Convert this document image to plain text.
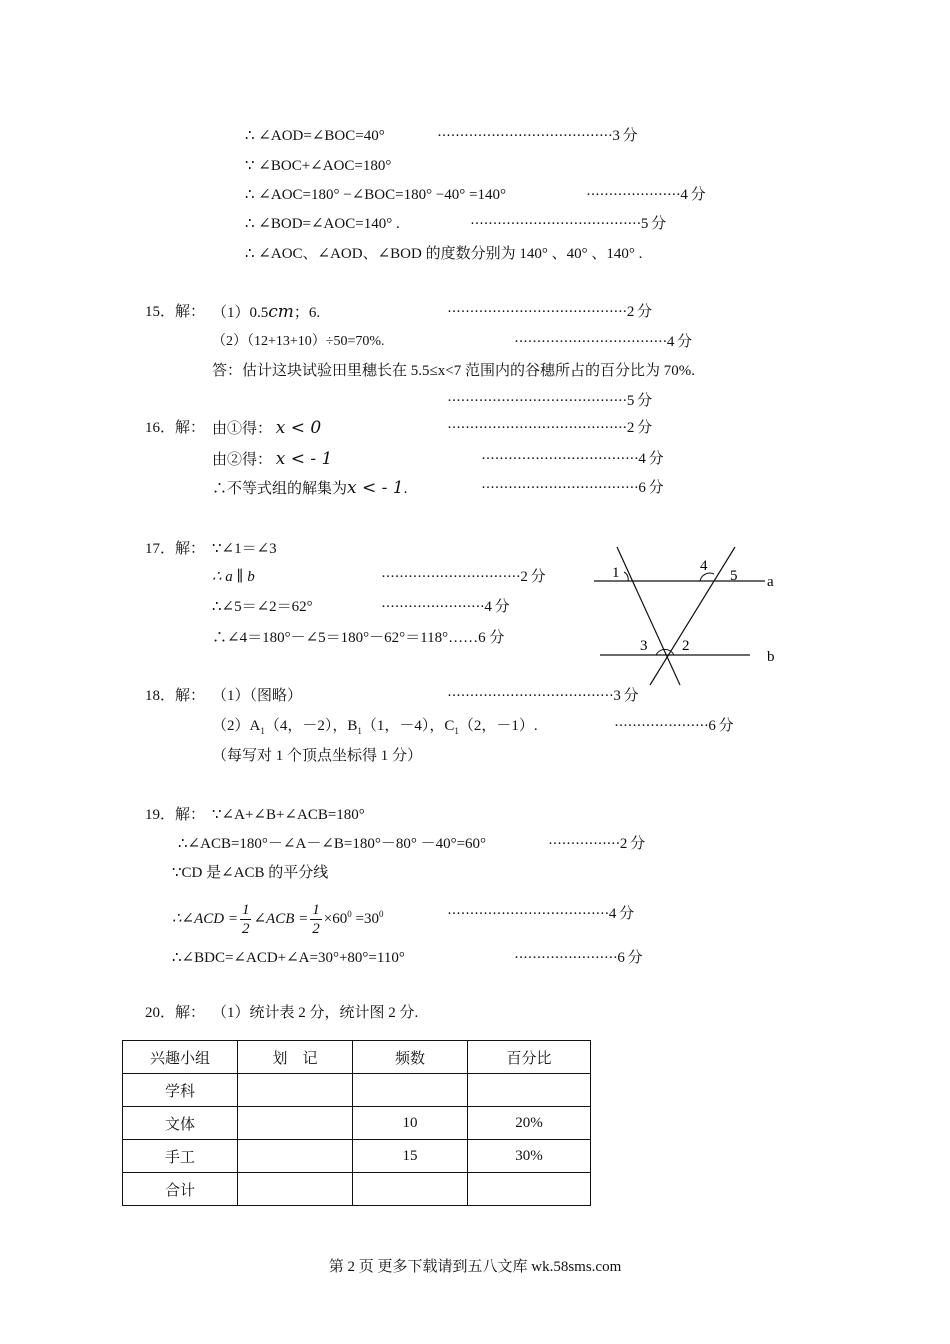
∴ ∠AOD=∠BOC=40°	·······································3 分
∵ ∠BOC+∠AOC=180°
∴ ∠AOC=180° −∠BOC=180° −40° =140°	·····················4 分
∴ ∠BOD=∠AOC=140° .	······································5 分
∴ ∠AOC、∠AOD、∠BOD 的度数分别为 140° 、40° 、140° .
15．解： （1）0.5cm；6.	········································2 分
（2）（12+13+10）÷50=70%.	··································4 分
答：估计这块试验田里穗长在 5.5≤x<7 范围内的谷穗所占的百分比为 70%.
········································5 分
16．解： 由①得： x < 0	········································2 分
由②得： x < - 1	···································4 分
∴不等式组的解集为x < - 1.	···································6 分
17．解： ∵∠1＝∠3
∴ a ∥ b	·······························2 分
∴∠5＝∠2＝62°	·······················4 分
∴∠4＝180°－∠5＝180°－62°＝118°……6 分
1	4
5
3 2
a
b
18．解： （1）（图略）	·····································3 分
$(2)A_1(4$，－2），$B_1(1$，－4），$C_1(2$，－1）.	·····················6 分
（每写对 1 个顶点坐标得 1 分）
19．解： ∵∠A+∠B+∠ACB=180°
∴∠ACB=180°－∠A－∠B=180°－80° －40°=60°	················2 分
∵CD 是∠ACB 的平分线
∴∠ACD = $\frac{1}{2}$ ∠ACB = $\frac{1}{2} \times 60^0 =30^0$	····································4 分
∴∠BDC=∠ACD+∠A=30°+80°=110°	·······················6 分
20．解： （1）统计表 2 分，统计图 2 分.
兴趣小组	划　记	频数	百分比
学科			
文体		10	20%
手工		15	30%
合计			
第 2 页 更多下载请到五八文库 wk.58sms.com
